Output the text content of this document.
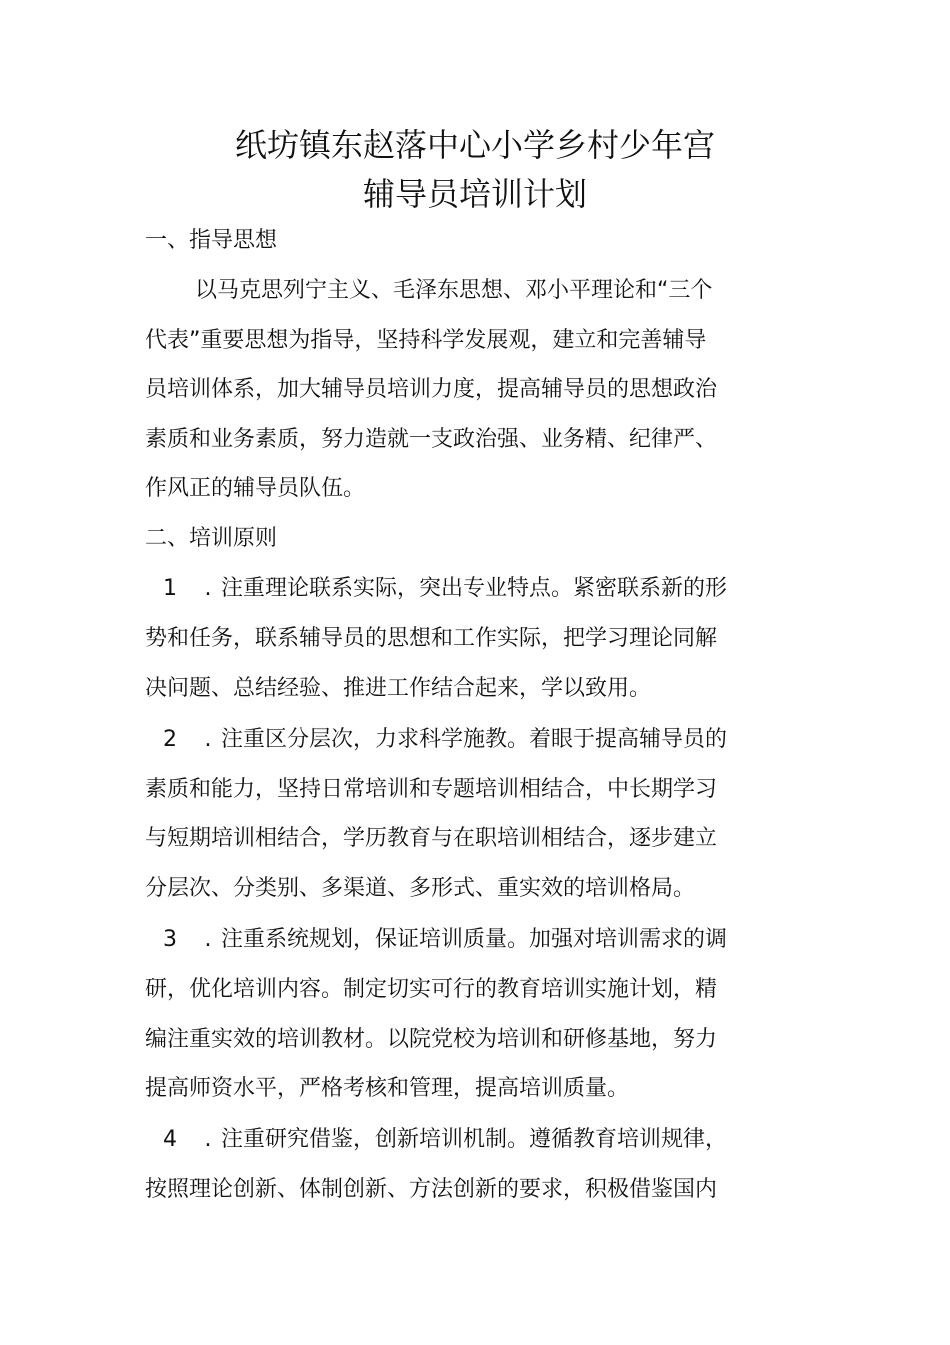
纸坊镇东赵落中心小学乡村少年宫
辅导员培训计划
一、指导思想
以马克思列宁主义、毛泽东思想、邓小平理论和“三个
代表”重要思想为指导，坚持科学发展观，建立和完善辅导
员培训体系，加大辅导员培训力度，提高辅导员的思想政治
素质和业务素质，努力造就一支政治强、业务精、纪律严、
作风正的辅导员队伍。
二、培训原则
1 . 注重理论联系实际，突出专业特点。紧密联系新的形
势和任务，联系辅导员的思想和工作实际，把学习理论同解
决问题、总结经验、推进工作结合起来，学以致用。
2 . 注重区分层次，力求科学施教。着眼于提高辅导员的
素质和能力，坚持日常培训和专题培训相结合，中长期学习
与短期培训相结合，学历教育与在职培训相结合，逐步建立
分层次、分类别、多渠道、多形式、重实效的培训格局。
3 . 注重系统规划，保证培训质量。加强对培训需求的调
研，优化培训内容。制定切实可行的教育培训实施计划，精
编注重实效的培训教材。以院党校为培训和研修基地，努力
提高师资水平，严格考核和管理，提高培训质量。
4 . 注重研究借鉴，创新培训机制。遵循教育培训规律，
按照理论创新、体制创新、方法创新的要求，积极借鉴国内
